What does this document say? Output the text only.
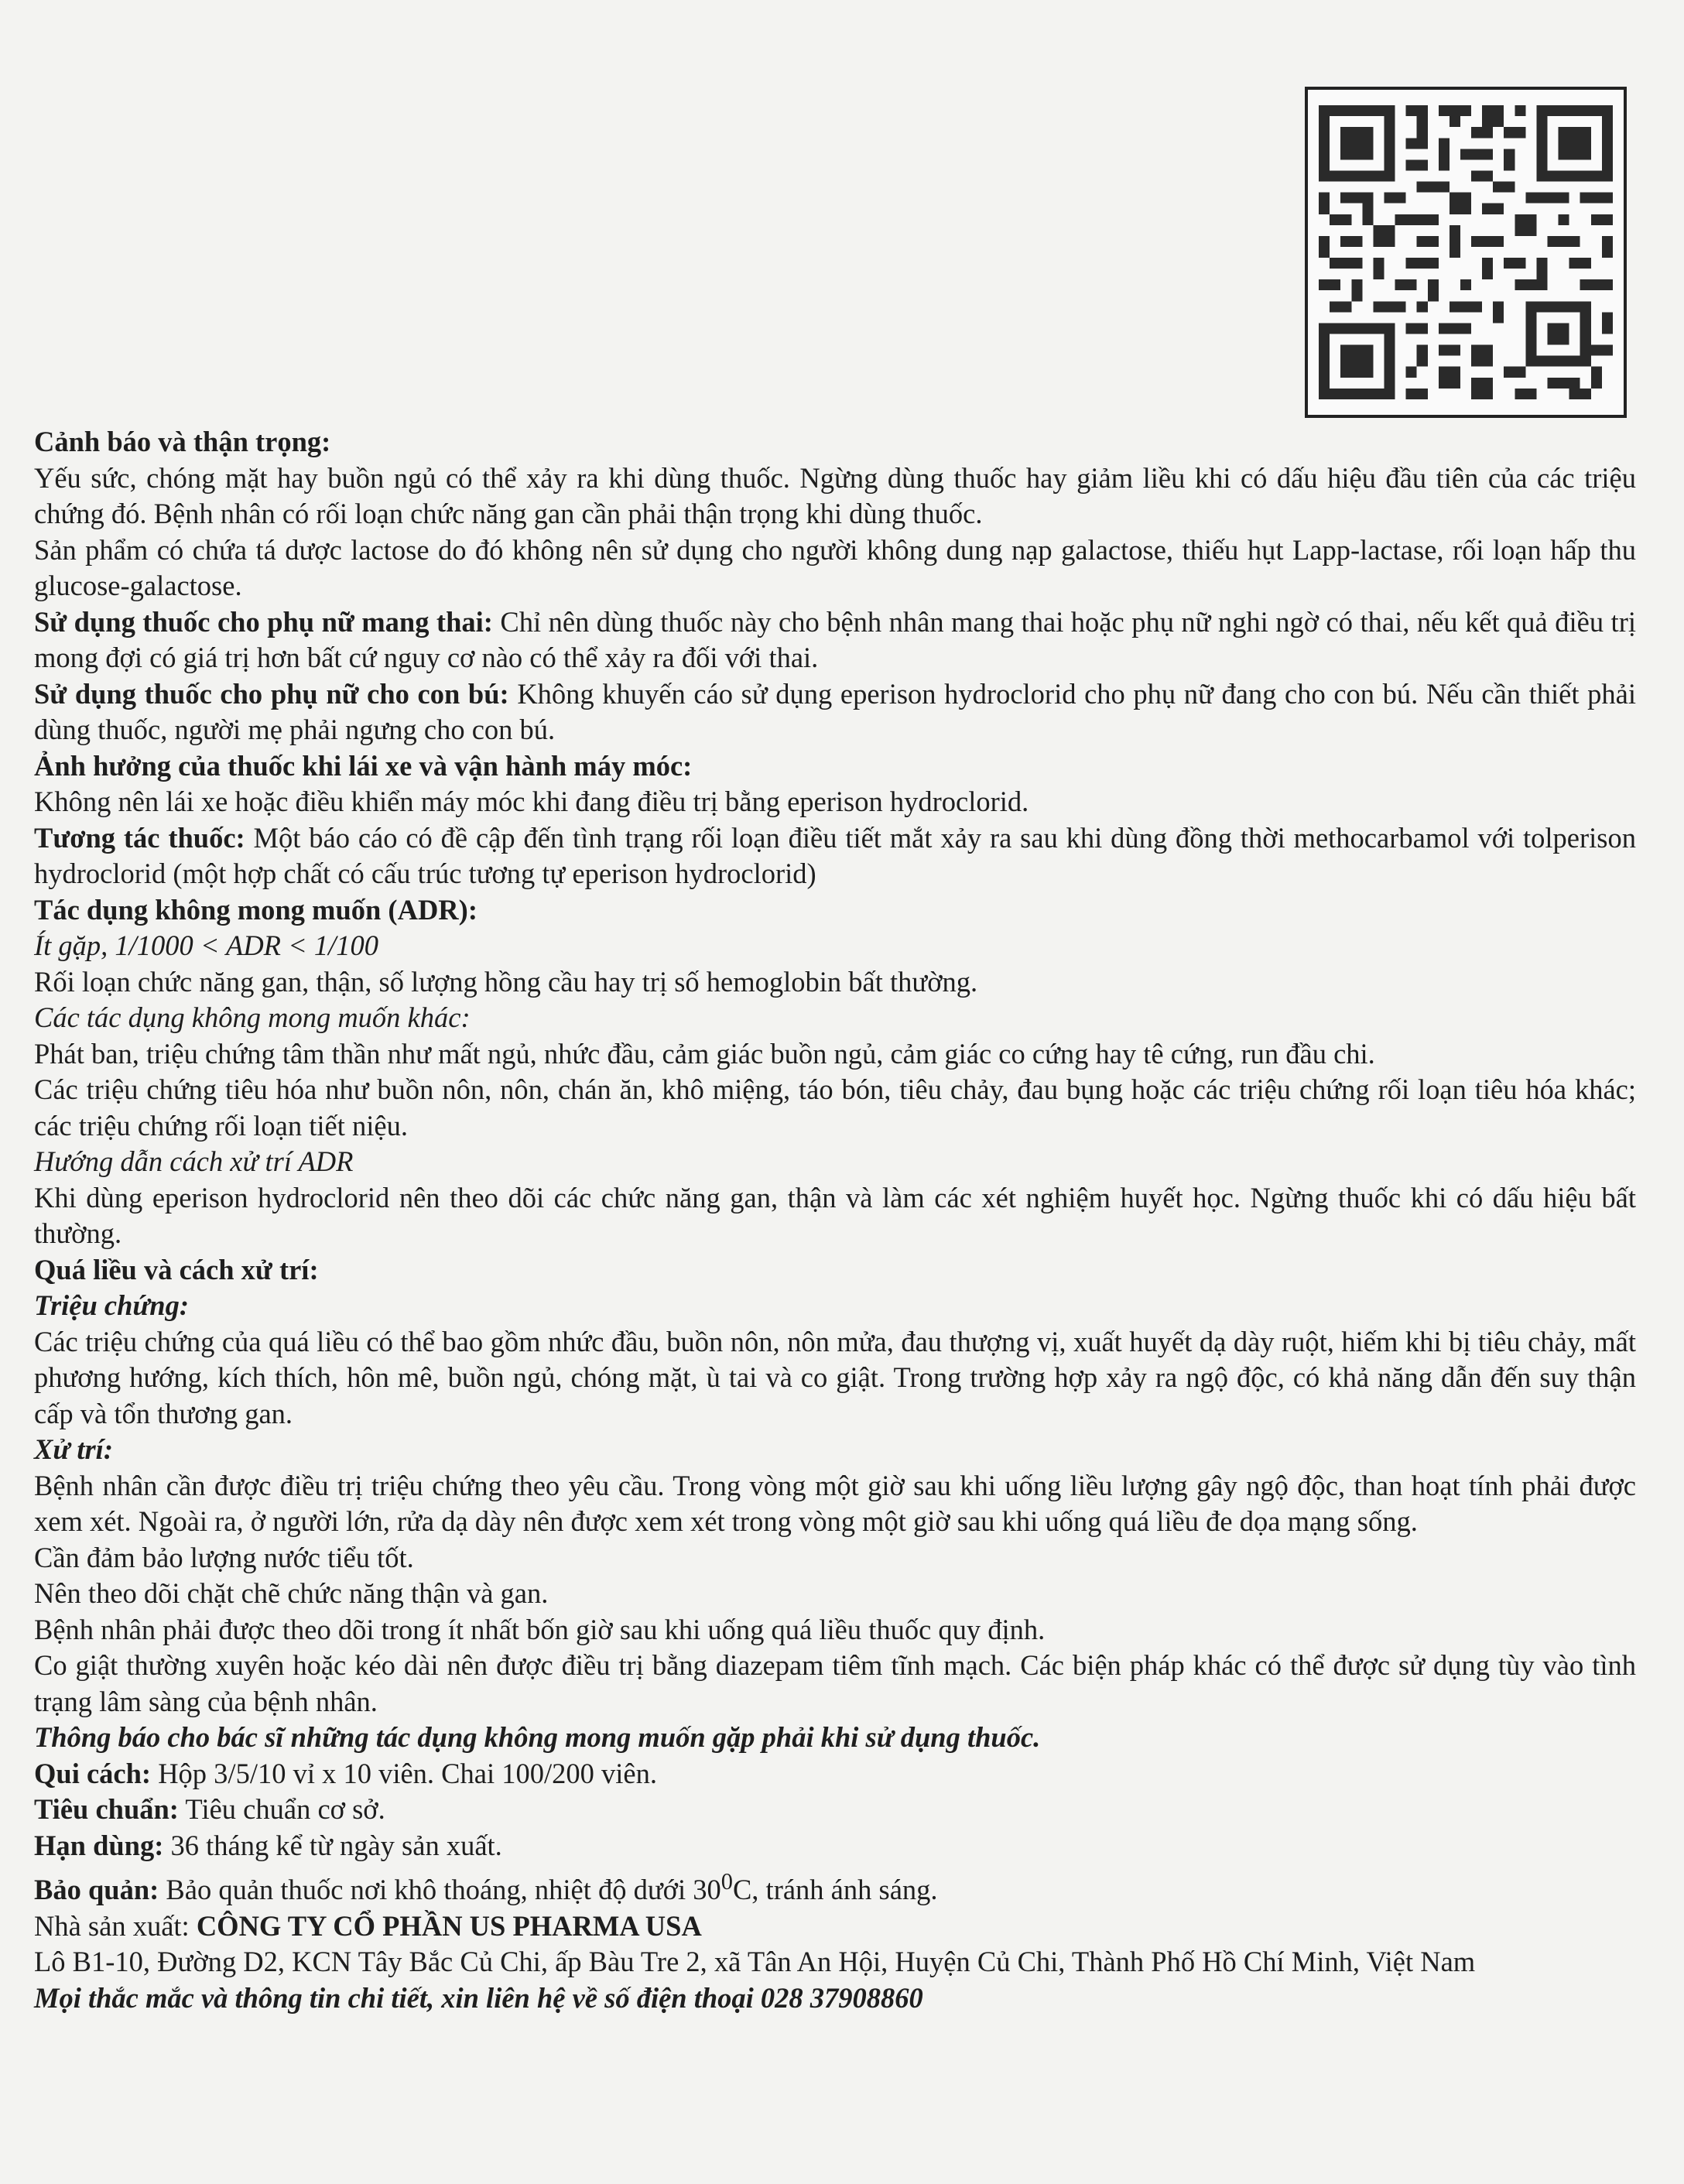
Cảnh báo và thận trọng:

Yếu sức, chóng mặt hay buồn ngủ có thể xảy ra khi dùng thuốc. Ngừng dùng thuốc hay giảm liều khi có dấu hiệu đầu tiên của các triệu chứng đó. Bệnh nhân có rối loạn chức năng gan cần phải thận trọng khi dùng thuốc.

Sản phẩm có chứa tá dược lactose do đó không nên sử dụng cho người không dung nạp galactose, thiếu hụt Lapp-lactase, rối loạn hấp thu glucose-galactose.

Sử dụng thuốc cho phụ nữ mang thai: Chỉ nên dùng thuốc này cho bệnh nhân mang thai hoặc phụ nữ nghi ngờ có thai, nếu kết quả điều trị mong đợi có giá trị hơn bất cứ nguy cơ nào có thể xảy ra đối với thai.

Sử dụng thuốc cho phụ nữ cho con bú: Không khuyến cáo sử dụng eperison hydroclorid cho phụ nữ đang cho con bú. Nếu cần thiết phải dùng thuốc, người mẹ phải ngưng cho con bú.

Ảnh hưởng của thuốc khi lái xe và vận hành máy móc:

Không nên lái xe hoặc điều khiển máy móc khi đang điều trị bằng eperison hydroclorid.

Tương tác thuốc: Một báo cáo có đề cập đến tình trạng rối loạn điều tiết mắt xảy ra sau khi dùng đồng thời methocarbamol với tolperison hydroclorid (một hợp chất có cấu trúc tương tự eperison hydroclorid)

Tác dụng không mong muốn (ADR):

Ít gặp, 1/1000 < ADR < 1/100

Rối loạn chức năng gan, thận, số lượng hồng cầu hay trị số hemoglobin bất thường.

Các tác dụng không mong muốn khác:

Phát ban, triệu chứng tâm thần như mất ngủ, nhức đầu, cảm giác buồn ngủ, cảm giác co cứng hay tê cứng, run đầu chi.

Các triệu chứng tiêu hóa như buồn nôn, nôn, chán ăn, khô miệng, táo bón, tiêu chảy, đau bụng hoặc các triệu chứng rối loạn tiêu hóa khác; các triệu chứng rối loạn tiết niệu.

Hướng dẫn cách xử trí ADR

Khi dùng eperison hydroclorid nên theo dõi các chức năng gan, thận và làm các xét nghiệm huyết học. Ngừng thuốc khi có dấu hiệu bất thường.

Quá liều và cách xử trí:

Triệu chứng:

Các triệu chứng của quá liều có thể bao gồm nhức đầu, buồn nôn, nôn mửa, đau thượng vị, xuất huyết dạ dày ruột, hiếm khi bị tiêu chảy, mất phương hướng, kích thích, hôn mê, buồn ngủ, chóng mặt, ù tai và co giật. Trong trường hợp xảy ra ngộ độc, có khả năng dẫn đến suy thận cấp và tổn thương gan.

Xử trí:

Bệnh nhân cần được điều trị triệu chứng theo yêu cầu. Trong vòng một giờ sau khi uống liều lượng gây ngộ độc, than hoạt tính phải được xem xét. Ngoài ra, ở người lớn, rửa dạ dày nên được xem xét trong vòng một giờ sau khi uống quá liều đe dọa mạng sống.

Cần đảm bảo lượng nước tiểu tốt.

Nên theo dõi chặt chẽ chức năng thận và gan.

Bệnh nhân phải được theo dõi trong ít nhất bốn giờ sau khi uống quá liều thuốc quy định.

Co giật thường xuyên hoặc kéo dài nên được điều trị bằng diazepam tiêm tĩnh mạch. Các biện pháp khác có thể được sử dụng tùy vào tình trạng lâm sàng của bệnh nhân.

Thông báo cho bác sĩ những tác dụng không mong muốn gặp phải khi sử dụng thuốc.

Qui cách: Hộp 3/5/10 vỉ x 10 viên. Chai 100/200 viên.

Tiêu chuẩn: Tiêu chuẩn cơ sở.

Hạn dùng: 36 tháng kể từ ngày sản xuất.

Bảo quản: Bảo quản thuốc nơi khô thoáng, nhiệt độ dưới $30^0C$, tránh ánh sáng.

Nhà sản xuất: CÔNG TY CỔ PHẦN US PHARMA USA

Lô B1-10, Đường D2, KCN Tây Bắc Củ Chi, ấp Bàu Tre 2, xã Tân An Hội, Huyện Củ Chi, Thành Phố Hồ Chí Minh, Việt Nam

Mọi thắc mắc và thông tin chi tiết, xin liên hệ về số điện thoại 028 37908860
